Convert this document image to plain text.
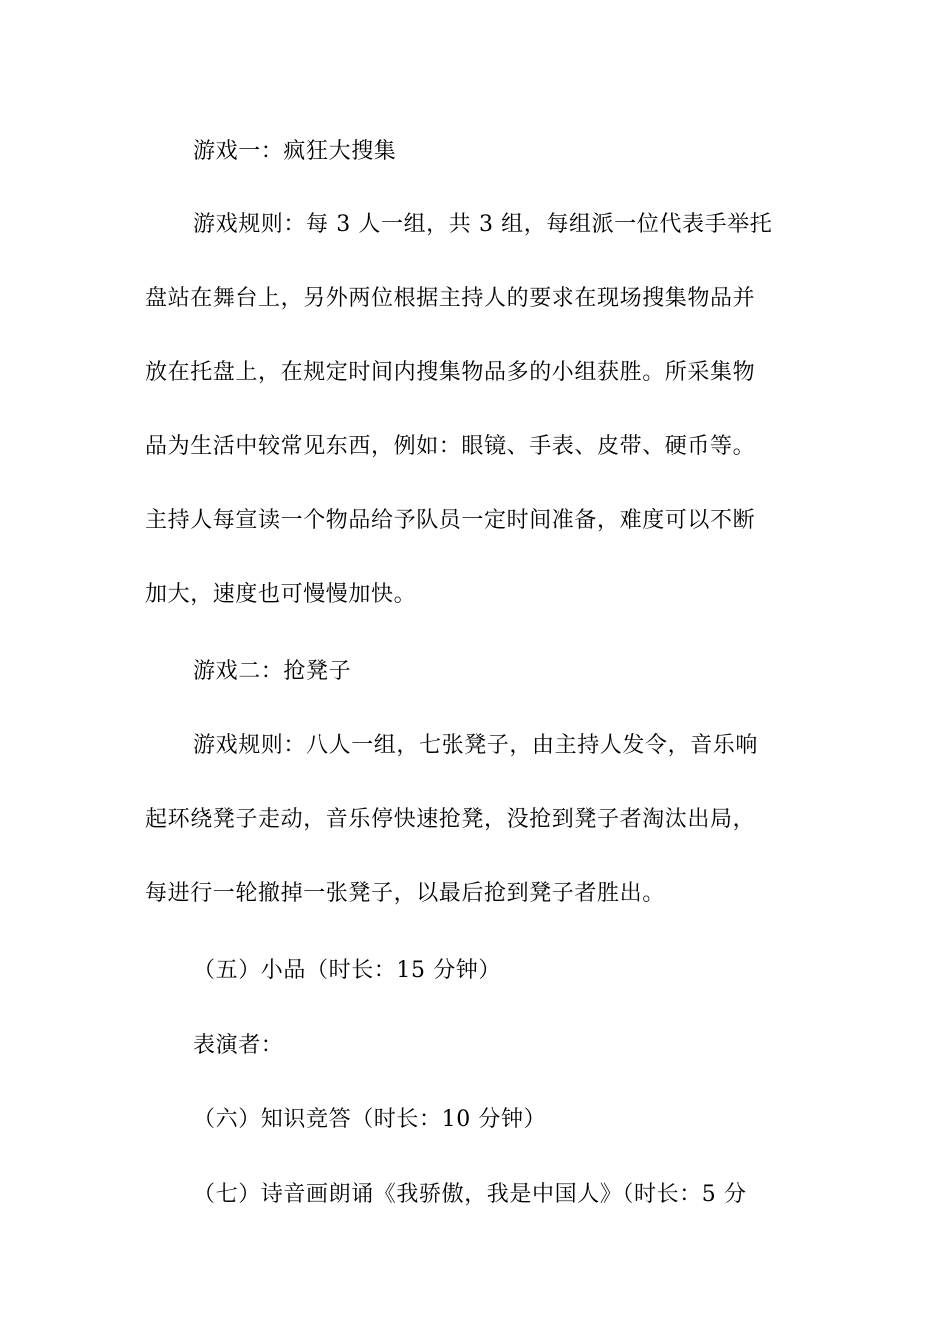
游戏一：疯狂大搜集
游戏规则：每 3 人一组，共 3 组，每组派一位代表手举托
盘站在舞台上，另外两位根据主持人的要求在现场搜集物品并
放在托盘上，在规定时间内搜集物品多的小组获胜。所采集物
品为生活中较常见东西，例如：眼镜、手表、皮带、硬币等。
主持人每宣读一个物品给予队员一定时间准备，难度可以不断
加大，速度也可慢慢加快。
游戏二：抢凳子
游戏规则：八人一组，七张凳子，由主持人发令，音乐响
起环绕凳子走动，音乐停快速抢凳，没抢到凳子者淘汰出局，
每进行一轮撤掉一张凳子，以最后抢到凳子者胜出。
（五）小品（时长：15 分钟）
表演者：
（六）知识竞答（时长：10 分钟）
（七）诗音画朗诵《我骄傲，我是中国人》（时长：5 分
